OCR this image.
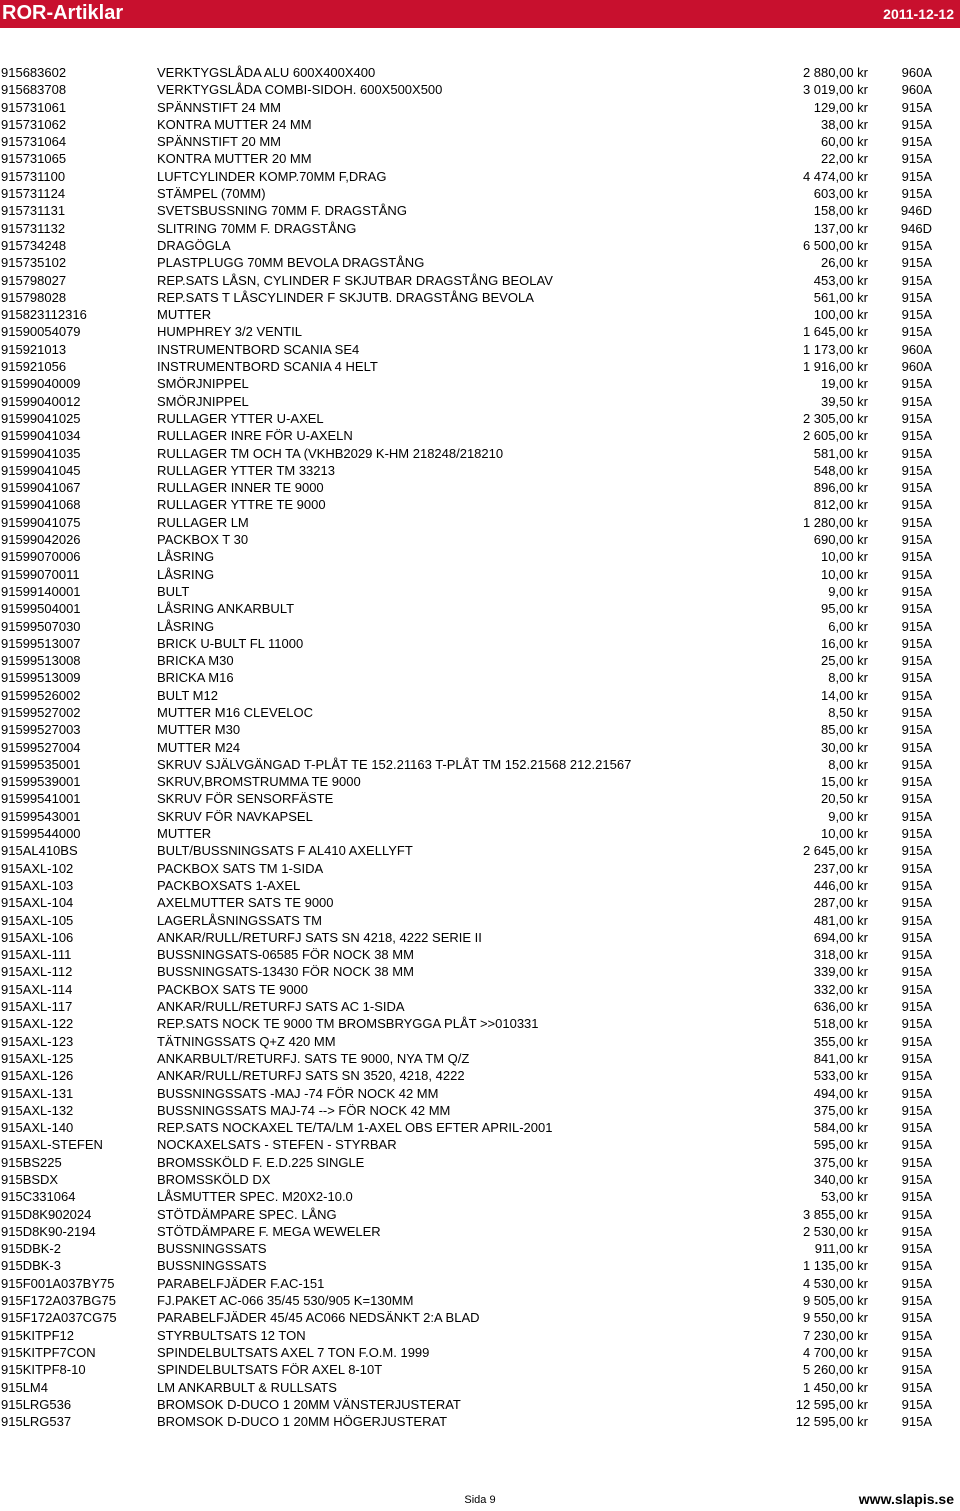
ROR-Artiklar	2011-12-12
915683602	VERKTYGSLÅDA ALU 600X400X400	2 880,00 kr	960A
915683708	VERKTYGSLÅDA COMBI-SIDOH. 600X500X500	3 019,00 kr	960A
915731061	SPÄNNSTIFT 24 MM	129,00 kr	915A
915731062	KONTRA MUTTER 24 MM	38,00 kr	915A
915731064	SPÄNNSTIFT 20 MM	60,00 kr	915A
915731065	KONTRA MUTTER 20 MM	22,00 kr	915A
915731100	LUFTCYLINDER KOMP.70MM F,DRAG	4 474,00 kr	915A
915731124	STÄMPEL (70MM)	603,00 kr	915A
915731131	SVETSBUSSNING 70MM F. DRAGSTÅNG	158,00 kr	946D
915731132	SLITRING 70MM F. DRAGSTÅNG	137,00 kr	946D
915734248	DRAGÖGLA	6 500,00 kr	915A
915735102	PLASTPLUGG 70MM BEVOLA DRAGSTÅNG	26,00 kr	915A
915798027	REP.SATS LÅSN, CYLINDER F SKJUTBAR DRAGSTÅNG BEOLAV	453,00 kr	915A
915798028	REP.SATS T LÅSCYLINDER F SKJUTB. DRAGSTÅNG BEVOLA	561,00 kr	915A
915823112316	MUTTER	100,00 kr	915A
91590054079	HUMPHREY 3/2 VENTIL	1 645,00 kr	915A
915921013	INSTRUMENTBORD SCANIA SE4	1 173,00 kr	960A
915921056	INSTRUMENTBORD SCANIA 4 HELT	1 916,00 kr	960A
91599040009	SMÖRJNIPPEL	19,00 kr	915A
91599040012	SMÖRJNIPPEL	39,50 kr	915A
91599041025	RULLAGER YTTER U-AXEL	2 305,00 kr	915A
91599041034	RULLAGER INRE FÖR U-AXELN	2 605,00 kr	915A
91599041035	RULLAGER TM OCH TA (VKHB2029 K-HM 218248/218210	581,00 kr	915A
91599041045	RULLAGER YTTER TM 33213	548,00 kr	915A
91599041067	RULLAGER INNER TE 9000	896,00 kr	915A
91599041068	RULLAGER YTTRE TE 9000	812,00 kr	915A
91599041075	RULLAGER LM	1 280,00 kr	915A
91599042026	PACKBOX T 30	690,00 kr	915A
91599070006	LÅSRING	10,00 kr	915A
91599070011	LÅSRING	10,00 kr	915A
91599140001	BULT	9,00 kr	915A
91599504001	LÅSRING ANKARBULT	95,00 kr	915A
91599507030	LÅSRING	6,00 kr	915A
91599513007	BRICK U-BULT FL 11000	16,00 kr	915A
91599513008	BRICKA M30	25,00 kr	915A
91599513009	BRICKA M16	8,00 kr	915A
91599526002	BULT M12	14,00 kr	915A
91599527002	MUTTER M16 CLEVELOC	8,50 kr	915A
91599527003	MUTTER M30	85,00 kr	915A
91599527004	MUTTER M24	30,00 kr	915A
91599535001	SKRUV SJÄLVGÄNGAD T-PLÅT TE 152.21163 T-PLÅT TM 152.21568 212.21567	8,00 kr	915A
91599539001	SKRUV,BROMSTRUMMA TE 9000	15,00 kr	915A
91599541001	SKRUV FÖR SENSORFÄSTE	20,50 kr	915A
91599543001	SKRUV FÖR NAVKAPSEL	9,00 kr	915A
91599544000	MUTTER	10,00 kr	915A
915AL410BS	BULT/BUSSNINGSATS F AL410 AXELLYFT	2 645,00 kr	915A
915AXL-102	PACKBOX SATS TM 1-SIDA	237,00 kr	915A
915AXL-103	PACKBOXSATS 1-AXEL	446,00 kr	915A
915AXL-104	AXELMUTTER SATS TE 9000	287,00 kr	915A
915AXL-105	LAGERLÅSNINGSSATS TM	481,00 kr	915A
915AXL-106	ANKAR/RULL/RETURFJ SATS SN 4218, 4222 SERIE II	694,00 kr	915A
915AXL-111	BUSSNINGSATS-06585 FÖR NOCK 38 MM	318,00 kr	915A
915AXL-112	BUSSNINGSATS-13430 FÖR NOCK 38 MM	339,00 kr	915A
915AXL-114	PACKBOX SATS TE 9000	332,00 kr	915A
915AXL-117	ANKAR/RULL/RETURFJ SATS AC 1-SIDA	636,00 kr	915A
915AXL-122	REP.SATS NOCK TE 9000 TM BROMSBRYGGA PLÅT >>010331	518,00 kr	915A
915AXL-123	TÄTNINGSSATS Q+Z 420 MM	355,00 kr	915A
915AXL-125	ANKARBULT/RETURFJ. SATS TE 9000, NYA TM Q/Z	841,00 kr	915A
915AXL-126	ANKAR/RULL/RETURFJ SATS SN 3520, 4218, 4222	533,00 kr	915A
915AXL-131	BUSSNINGSSATS -MAJ -74 FÖR NOCK 42 MM	494,00 kr	915A
915AXL-132	BUSSNINGSSATS MAJ-74 --> FÖR NOCK 42 MM	375,00 kr	915A
915AXL-140	REP.SATS NOCKAXEL TE/TA/LM 1-AXEL OBS EFTER APRIL-2001	584,00 kr	915A
915AXL-STEFEN	NOCKAXELSATS - STEFEN - STYRBAR	595,00 kr	915A
915BS225	BROMSSKÖLD F. E.D.225 SINGLE	375,00 kr	915A
915BSDX	BROMSSKÖLD DX	340,00 kr	915A
915C331064	LÅSMUTTER SPEC. M20X2-10.0	53,00 kr	915A
915D8K902024	STÖTDÄMPARE SPEC. LÅNG	3 855,00 kr	915A
915D8K90-2194	STÖTDÄMPARE F. MEGA WEWELER	2 530,00 kr	915A
915DBK-2	BUSSNINGSSATS	911,00 kr	915A
915DBK-3	BUSSNINGSSATS	1 135,00 kr	915A
915F001A037BY75	PARABELFJÄDER F.AC-151	4 530,00 kr	915A
915F172A037BG75	FJ.PAKET AC-066 35/45 530/905 K=130MM	9 505,00 kr	915A
915F172A037CG75	PARABELFJÄDER 45/45 AC066 NEDSÄNKT 2:A BLAD	9 550,00 kr	915A
915KITPF12	STYRBULTSATS 12 TON	7 230,00 kr	915A
915KITPF7CON	SPINDELBULTSATS AXEL 7 TON F.O.M. 1999	4 700,00 kr	915A
915KITPF8-10	SPINDELBULTSATS FÖR AXEL 8-10T	5 260,00 kr	915A
915LM4	LM ANKARBULT & RULLSATS	1 450,00 kr	915A
915LRG536	BROMSOK D-DUCO 1 20MM VÄNSTERJUSTERAT	12 595,00 kr	915A
915LRG537	BROMSOK D-DUCO 1 20MM HÖGERJUSTERAT	12 595,00 kr	915A
Sida 9	www.slapis.se
